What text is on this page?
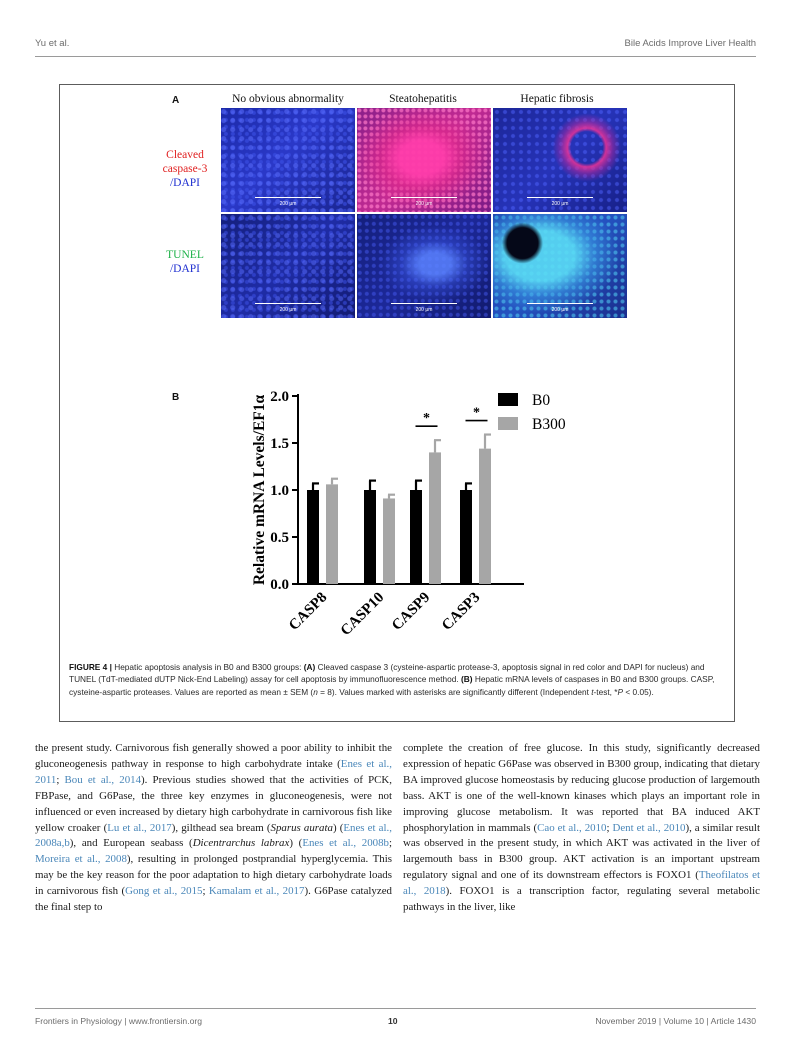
Yu et al.	Bile Acids Improve Liver Health
A	No obvious abnormality	Steatohepatitis	Hepatic fibrosis
Cleaved
caspase-3
/DAPI
TUNEL
/DAPI
200 μm	200 μm	200 μm
200 μm	200 μm	200 μm
B
0.0
0.5
1.0
1.5
2.0
Relative mRNA Levels/EF1α
CASP8 CASP10
*
CASP9
*
CASP3
B0
B300
FIGURE 4 | Hepatic apoptosis analysis in B0 and B300 groups: (A) Cleaved caspase 3 (cysteine-aspartic protease-3, apoptosis signal in red color and DAPI for nucleus) and TUNEL (TdT-mediated dUTP Nick-End Labeling) assay for cell apoptosis by immunofluorescence method. (B) Hepatic mRNA levels of caspases in B0 and B300 groups. CASP, cysteine-aspartic proteases. Values are reported as mean ± SEM (n = 8). Values marked with asterisks are significantly different (Independent t-test, *P < 0.05).
the present study. Carnivorous fish generally showed a poor ability to inhibit the gluconeogenesis pathway in response to high carbohydrate intake (Enes et al., 2011; Bou et al., 2014). Previous studies showed that the activities of PCK, FBPase, and G6Pase, the three key enzymes in gluconeogenesis, were not influenced or even increased by dietary high carbohydrate in carnivorous fish like yellow croaker (Lu et al., 2017), gilthead sea bream (Sparus aurata) (Enes et al., 2008a,b), and European seabass (Dicentrarchus labrax) (Enes et al., 2008b; Moreira et al., 2008), resulting in prolonged postprandial hyperglycemia. This may be the key reason for the poor adaptation to high dietary carbohydrate loads in carnivorous fish (Gong et al., 2015; Kamalam et al., 2017). G6Pase catalyzed the final step to
complete the creation of free glucose. In this study, significantly decreased expression of hepatic G6Pase was observed in B300 group, indicating that dietary BA improved glucose homeostasis by reducing glucose production of largemouth bass. AKT is one of the well-known kinases which plays an important role in improving glucose metabolism. It was reported that BA induced AKT phosphorylation in mammals (Cao et al., 2010; Dent et al., 2010), a similar result was observed in the present study, in which AKT was activated in the liver of largemouth bass in B300 group. AKT activation is an important upstream regulatory signal and one of its downstream effectors is FOXO1 (Theofilatos et al., 2018). FOXO1 is a transcription factor, regulating several metabolic pathways in the liver, like
Frontiers in Physiology | www.frontiersin.org	10	November 2019 | Volume 10 | Article 1430
